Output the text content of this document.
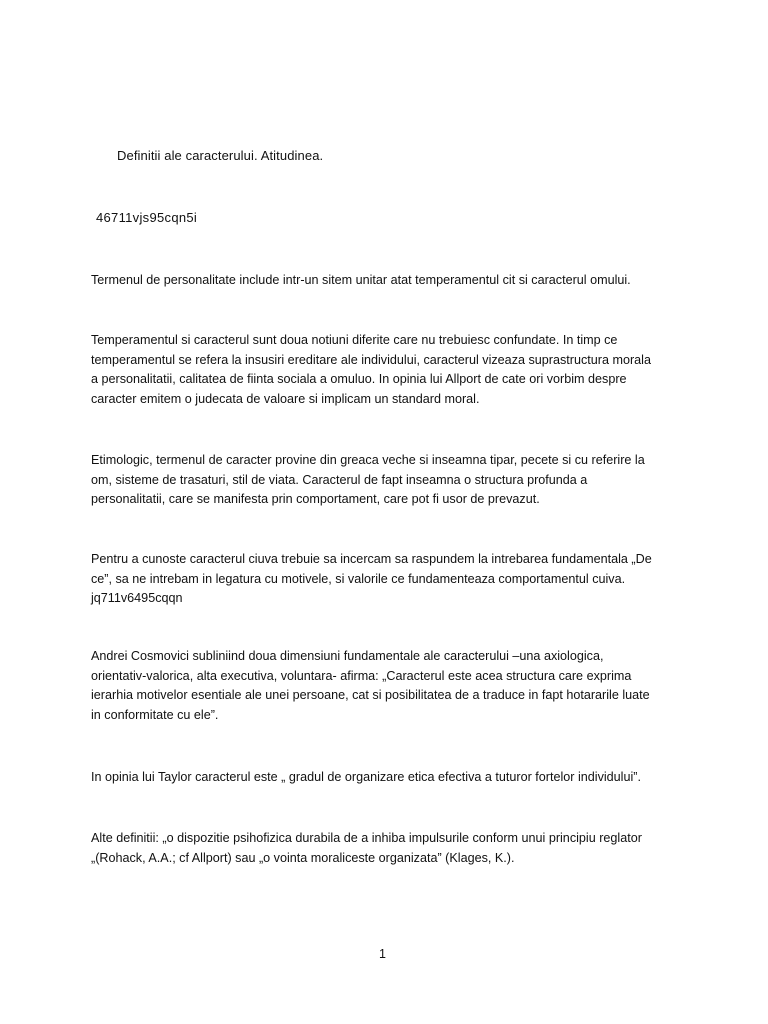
Definitii ale caracterului. Atitudinea.
46711vjs95cqn5i
Termenul de personalitate include intr-un sitem unitar atat temperamentul cit si caracterul omului.
Temperamentul si caracterul sunt doua notiuni diferite care nu trebuiesc confundate. In timp ce
temperamentul se refera la insusiri ereditare ale individului, caracterul vizeaza suprastructura morala
a personalitatii, calitatea de fiinta sociala a omuluo. In opinia lui Allport de cate ori vorbim despre
caracter emitem o judecata de valoare si implicam un standard moral.
Etimologic, termenul de caracter provine din greaca veche si inseamna tipar, pecete si cu referire la
om, sisteme de trasaturi, stil de viata. Caracterul de fapt inseamna o structura profunda a
personalitatii, care se manifesta prin comportament, care pot fi usor de prevazut.
Pentru a cunoste caracterul ciuva trebuie sa incercam sa raspundem la intrebarea fundamentala „De
ce”, sa ne intrebam in legatura cu motivele, si valorile ce fundamenteaza comportamentul cuiva.
jq711v6495cqqn
Andrei Cosmovici subliniind doua dimensiuni fundamentale ale caracterului –una axiologica,
orientativ-valorica, alta executiva, voluntara- afirma: „Caracterul este acea structura care exprima
ierarhia motivelor esentiale ale unei persoane, cat si posibilitatea de a traduce in fapt hotararile luate
in conformitate cu ele”.
In opinia lui Taylor caracterul este „ gradul de organizare etica efectiva a tuturor fortelor individului”.
Alte definitii: „o dispozitie psihofizica durabila de a inhiba impulsurile conform unui principiu reglator
„(Rohack, A.A.; cf Allport) sau „o vointa moraliceste organizata” (Klages, K.).
1
